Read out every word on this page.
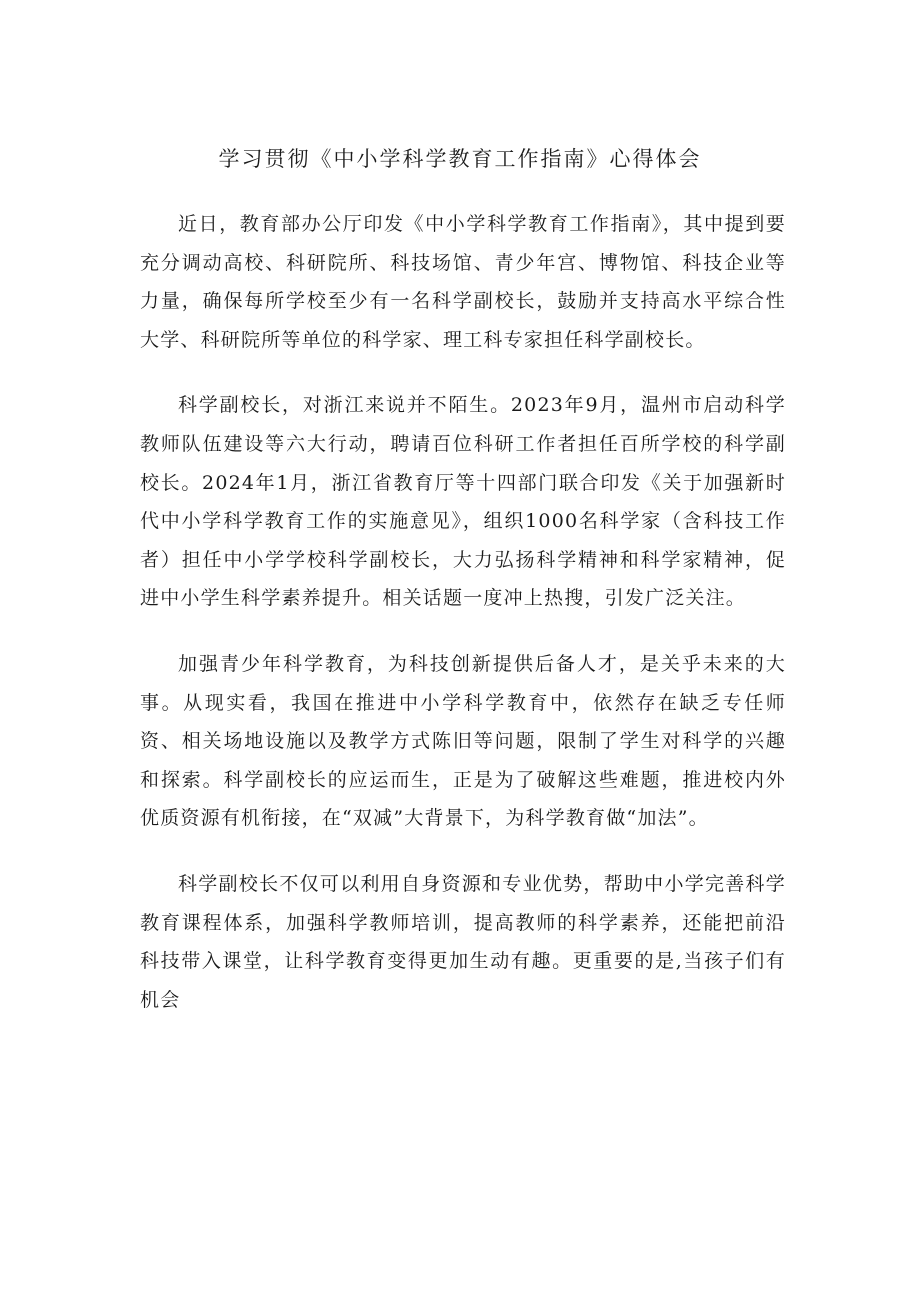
学习贯彻《中小学科学教育工作指南》心得体会

近日，教育部办公厅印发《中小学科学教育工作指南》，其中提到要充分调动高校、科研院所、科技场馆、青少年宫、博物馆、科技企业等力量，确保每所学校至少有一名科学副校长，鼓励并支持高水平综合性大学、科研院所等单位的科学家、理工科专家担任科学副校长。

科学副校长，对浙江来说并不陌生。2023年9月，温州市启动科学教师队伍建设等六大行动，聘请百位科研工作者担任百所学校的科学副校长。2024年1月，浙江省教育厅等十四部门联合印发《关于加强新时代中小学科学教育工作的实施意见》，组织1000名科学家（含科技工作者）担任中小学学校科学副校长，大力弘扬科学精神和科学家精神，促进中小学生科学素养提升。相关话题一度冲上热搜，引发广泛关注。

加强青少年科学教育，为科技创新提供后备人才，是关乎未来的大事。从现实看，我国在推进中小学科学教育中，依然存在缺乏专任师资、相关场地设施以及教学方式陈旧等问题，限制了学生对科学的兴趣和探索。科学副校长的应运而生，正是为了破解这些难题，推进校内外优质资源有机衔接，在“双减”大背景下，为科学教育做“加法”。

科学副校长不仅可以利用自身资源和专业优势，帮助中小学完善科学教育课程体系，加强科学教师培训，提高教师的科学素养，还能把前沿科技带入课堂，让科学教育变得更加生动有趣。更重要的是,当孩子们有机会
